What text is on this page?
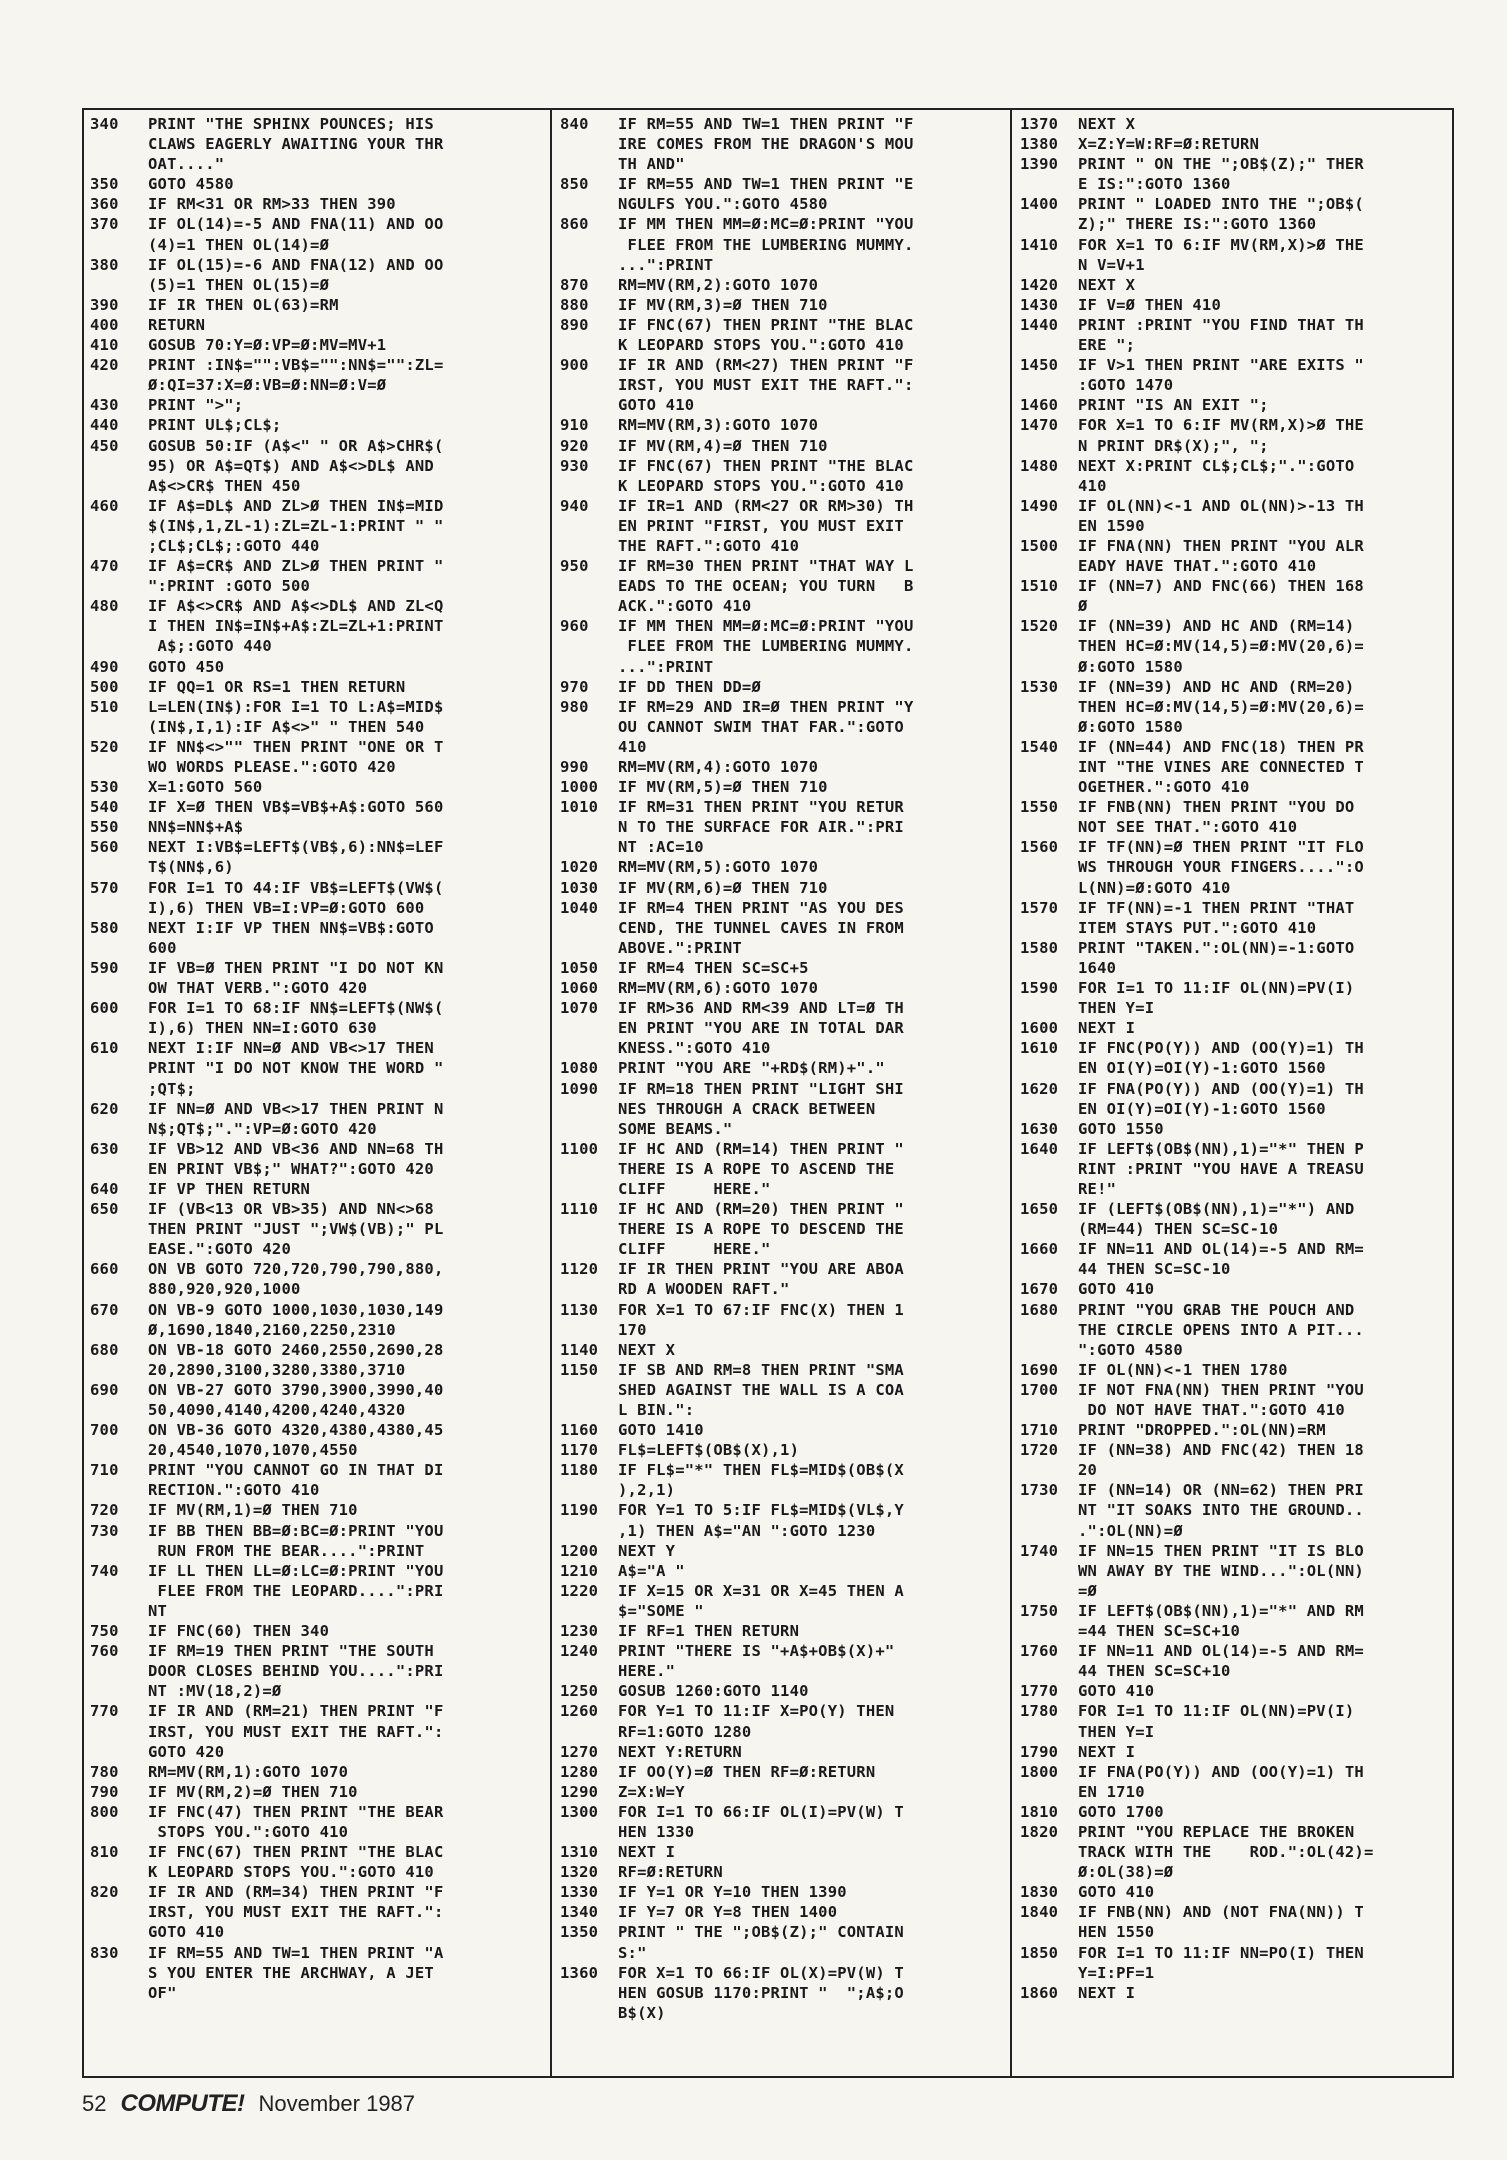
340	PRINT "THE SPHINX POUNCES; HIS
CLAWS EAGERLY AWAITING YOUR THR
OAT...."
350	GOTO 4580
360	IF RM<31 OR RM>33 THEN 390
370	IF OL(14)=-5 AND FNA(11) AND OO
(4)=1 THEN OL(14)=Ø
380	IF OL(15)=-6 AND FNA(12) AND OO
(5)=1 THEN OL(15)=Ø
390	IF IR THEN OL(63)=RM
400	RETURN
410	GOSUB 70:Y=Ø:VP=Ø:MV=MV+1
420	PRINT :IN$="":VB$="":NN$="":ZL=
Ø:QI=37:X=Ø:VB=Ø:NN=Ø:V=Ø
430	PRINT ">";
440	PRINT UL$;CL$;
450	GOSUB 50:IF (A$<" " OR A$>CHR$(
95) OR A$=QT$) AND A$<>DL$ AND
A$<>CR$ THEN 450
460	IF A$=DL$ AND ZL>Ø THEN IN$=MID
$(IN$,1,ZL-1):ZL=ZL-1:PRINT " "
;CL$;CL$;:GOTO 440
470	IF A$=CR$ AND ZL>Ø THEN PRINT "
":PRINT :GOTO 500
480	IF A$<>CR$ AND A$<>DL$ AND ZL<Q
I THEN IN$=IN$+A$:ZL=ZL+1:PRINT
A$;:GOTO 440
490	GOTO 450
500	IF QQ=1 OR RS=1 THEN RETURN
510	L=LEN(IN$):FOR I=1 TO L:A$=MID$
(IN$,I,1):IF A$<>" " THEN 540
520	IF NN$<>"" THEN PRINT "ONE OR T
WO WORDS PLEASE.":GOTO 420
530	X=1:GOTO 560
540	IF X=Ø THEN VB$=VB$+A$:GOTO 560
550	NN$=NN$+A$
560	NEXT I:VB$=LEFT$(VB$,6):NN$=LEF
T$(NN$,6)
570	FOR I=1 TO 44:IF VB$=LEFT$(VW$(
I),6) THEN VB=I:VP=Ø:GOTO 600
580	NEXT I:IF VP THEN NN$=VB$:GOTO
600
590	IF VB=Ø THEN PRINT "I DO NOT KN
OW THAT VERB.":GOTO 420
600	FOR I=1 TO 68:IF NN$=LEFT$(NW$(
I),6) THEN NN=I:GOTO 630
610	NEXT I:IF NN=Ø AND VB<>17 THEN
PRINT "I DO NOT KNOW THE WORD "
;QT$;
620	IF NN=Ø AND VB<>17 THEN PRINT N
N$;QT$;".":VP=Ø:GOTO 420
630	IF VB>12 AND VB<36 AND NN=68 TH
EN PRINT VB$;" WHAT?":GOTO 420
640	IF VP THEN RETURN
650	IF (VB<13 OR VB>35) AND NN<>68
THEN PRINT "JUST ";VW$(VB);" PL
EASE.":GOTO 420
660	ON VB GOTO 720,720,790,790,880,
880,920,920,1000
670	ON VB-9 GOTO 1000,1030,1030,149
Ø,1690,1840,2160,2250,2310
680	ON VB-18 GOTO 2460,2550,2690,28
20,2890,3100,3280,3380,3710
690	ON VB-27 GOTO 3790,3900,3990,40
50,4090,4140,4200,4240,4320
700	ON VB-36 GOTO 4320,4380,4380,45
20,4540,1070,1070,4550
710	PRINT "YOU CANNOT GO IN THAT DI
RECTION.":GOTO 410
720	IF MV(RM,1)=Ø THEN 710
730	IF BB THEN BB=Ø:BC=Ø:PRINT "YOU
RUN FROM THE BEAR....":PRINT
740	IF LL THEN LL=Ø:LC=Ø:PRINT "YOU
FLEE FROM THE LEOPARD....":PRI
NT
750	IF FNC(60) THEN 340
760	IF RM=19 THEN PRINT "THE SOUTH
DOOR CLOSES BEHIND YOU....":PRI
NT :MV(18,2)=Ø
770	IF IR AND (RM=21) THEN PRINT "F
IRST, YOU MUST EXIT THE RAFT.":
GOTO 420
780	RM=MV(RM,1):GOTO 1070
790	IF MV(RM,2)=Ø THEN 710
800	IF FNC(47) THEN PRINT "THE BEAR
STOPS YOU.":GOTO 410
810	IF FNC(67) THEN PRINT "THE BLAC
K LEOPARD STOPS YOU.":GOTO 410
820	IF IR AND (RM=34) THEN PRINT "F
IRST, YOU MUST EXIT THE RAFT.":
GOTO 410
830	IF RM=55 AND TW=1 THEN PRINT "A
S YOU ENTER THE ARCHWAY, A JET
OF"
840	IF RM=55 AND TW=1 THEN PRINT "F
IRE COMES FROM THE DRAGON'S MOU
TH AND"
850	IF RM=55 AND TW=1 THEN PRINT "E
NGULFS YOU.":GOTO 4580
860	IF MM THEN MM=Ø:MC=Ø:PRINT "YOU
FLEE FROM THE LUMBERING MUMMY.
...":PRINT
870	RM=MV(RM,2):GOTO 1070
880	IF MV(RM,3)=Ø THEN 710
890	IF FNC(67) THEN PRINT "THE BLAC
K LEOPARD STOPS YOU.":GOTO 410
900	IF IR AND (RM<27) THEN PRINT "F
IRST, YOU MUST EXIT THE RAFT.":
GOTO 410
910	RM=MV(RM,3):GOTO 1070
920	IF MV(RM,4)=Ø THEN 710
930	IF FNC(67) THEN PRINT "THE BLAC
K LEOPARD STOPS YOU.":GOTO 410
940	IF IR=1 AND (RM<27 OR RM>30) TH
EN PRINT "FIRST, YOU MUST EXIT
THE RAFT.":GOTO 410
950	IF RM=30 THEN PRINT "THAT WAY L
EADS TO THE OCEAN; YOU TURN   B
ACK.":GOTO 410
960	IF MM THEN MM=Ø:MC=Ø:PRINT "YOU
FLEE FROM THE LUMBERING MUMMY.
...":PRINT
970	IF DD THEN DD=Ø
980	IF RM=29 AND IR=Ø THEN PRINT "Y
OU CANNOT SWIM THAT FAR.":GOTO
410
990	RM=MV(RM,4):GOTO 1070
1000	IF MV(RM,5)=Ø THEN 710
1010	IF RM=31 THEN PRINT "YOU RETUR
N TO THE SURFACE FOR AIR.":PRI
NT :AC=10
1020	RM=MV(RM,5):GOTO 1070
1030	IF MV(RM,6)=Ø THEN 710
1040	IF RM=4 THEN PRINT "AS YOU DES
CEND, THE TUNNEL CAVES IN FROM
ABOVE.":PRINT
1050	IF RM=4 THEN SC=SC+5
1060	RM=MV(RM,6):GOTO 1070
1070	IF RM>36 AND RM<39 AND LT=Ø TH
EN PRINT "YOU ARE IN TOTAL DAR
KNESS.":GOTO 410
1080	PRINT "YOU ARE "+RD$(RM)+"."
1090	IF RM=18 THEN PRINT "LIGHT SHI
NES THROUGH A CRACK BETWEEN
SOME BEAMS."
1100	IF HC AND (RM=14) THEN PRINT "
THERE IS A ROPE TO ASCEND THE
CLIFF     HERE."
1110	IF HC AND (RM=20) THEN PRINT "
THERE IS A ROPE TO DESCEND THE
CLIFF     HERE."
1120	IF IR THEN PRINT "YOU ARE ABOA
RD A WOODEN RAFT."
1130	FOR X=1 TO 67:IF FNC(X) THEN 1
170
1140	NEXT X
1150	IF SB AND RM=8 THEN PRINT "SMA
SHED AGAINST THE WALL IS A COA
L BIN.":
1160	GOTO 1410
1170	FL$=LEFT$(OB$(X),1)
1180	IF FL$="*" THEN FL$=MID$(OB$(X
),2,1)
1190	FOR Y=1 TO 5:IF FL$=MID$(VL$,Y
,1) THEN A$="AN ":GOTO 1230
1200	NEXT Y
1210	A$="A "
1220	IF X=15 OR X=31 OR X=45 THEN A
$="SOME "
1230	IF RF=1 THEN RETURN
1240	PRINT "THERE IS "+A$+OB$(X)+"
HERE."
1250	GOSUB 1260:GOTO 1140
1260	FOR Y=1 TO 11:IF X=PO(Y) THEN
RF=1:GOTO 1280
1270	NEXT Y:RETURN
1280	IF OO(Y)=Ø THEN RF=Ø:RETURN
1290	Z=X:W=Y
1300	FOR I=1 TO 66:IF OL(I)=PV(W) T
HEN 1330
1310	NEXT I
1320	RF=Ø:RETURN
1330	IF Y=1 OR Y=10 THEN 1390
1340	IF Y=7 OR Y=8 THEN 1400
1350	PRINT " THE ";OB$(Z);" CONTAIN
S:"
1360	FOR X=1 TO 66:IF OL(X)=PV(W) T
HEN GOSUB 1170:PRINT "  ";A$;O
B$(X)
1370	NEXT X
1380	X=Z:Y=W:RF=Ø:RETURN
1390	PRINT " ON THE ";OB$(Z);" THER
E IS:":GOTO 1360
1400	PRINT " LOADED INTO THE ";OB$(
Z);" THERE IS:":GOTO 1360
1410	FOR X=1 TO 6:IF MV(RM,X)>Ø THE
N V=V+1
1420	NEXT X
1430	IF V=Ø THEN 410
1440	PRINT :PRINT "YOU FIND THAT TH
ERE ";
1450	IF V>1 THEN PRINT "ARE EXITS "
:GOTO 1470
1460	PRINT "IS AN EXIT ";
1470	FOR X=1 TO 6:IF MV(RM,X)>Ø THE
N PRINT DR$(X);", ";
1480	NEXT X:PRINT CL$;CL$;".":GOTO
410
1490	IF OL(NN)<-1 AND OL(NN)>-13 TH
EN 1590
1500	IF FNA(NN) THEN PRINT "YOU ALR
EADY HAVE THAT.":GOTO 410
1510	IF (NN=7) AND FNC(66) THEN 168
Ø
1520	IF (NN=39) AND HC AND (RM=14)
THEN HC=Ø:MV(14,5)=Ø:MV(20,6)=
Ø:GOTO 1580
1530	IF (NN=39) AND HC AND (RM=20)
THEN HC=Ø:MV(14,5)=Ø:MV(20,6)=
Ø:GOTO 1580
1540	IF (NN=44) AND FNC(18) THEN PR
INT "THE VINES ARE CONNECTED T
OGETHER.":GOTO 410
1550	IF FNB(NN) THEN PRINT "YOU DO
NOT SEE THAT.":GOTO 410
1560	IF TF(NN)=Ø THEN PRINT "IT FLO
WS THROUGH YOUR FINGERS....":O
L(NN)=Ø:GOTO 410
1570	IF TF(NN)=-1 THEN PRINT "THAT
ITEM STAYS PUT.":GOTO 410
1580	PRINT "TAKEN.":OL(NN)=-1:GOTO
1640
1590	FOR I=1 TO 11:IF OL(NN)=PV(I)
THEN Y=I
1600	NEXT I
1610	IF FNC(PO(Y)) AND (OO(Y)=1) TH
EN OI(Y)=OI(Y)-1:GOTO 1560
1620	IF FNA(PO(Y)) AND (OO(Y)=1) TH
EN OI(Y)=OI(Y)-1:GOTO 1560
1630	GOTO 1550
1640	IF LEFT$(OB$(NN),1)="*" THEN P
RINT :PRINT "YOU HAVE A TREASU
RE!"
1650	IF (LEFT$(OB$(NN),1)="*") AND
(RM=44) THEN SC=SC-10
1660	IF NN=11 AND OL(14)=-5 AND RM=
44 THEN SC=SC-10
1670	GOTO 410
1680	PRINT "YOU GRAB THE POUCH AND
THE CIRCLE OPENS INTO A PIT...
":GOTO 4580
1690	IF OL(NN)<-1 THEN 1780
1700	IF NOT FNA(NN) THEN PRINT "YOU
DO NOT HAVE THAT.":GOTO 410
1710	PRINT "DROPPED.":OL(NN)=RM
1720	IF (NN=38) AND FNC(42) THEN 18
20
1730	IF (NN=14) OR (NN=62) THEN PRI
NT "IT SOAKS INTO THE GROUND..
.":OL(NN)=Ø
1740	IF NN=15 THEN PRINT "IT IS BLO
WN AWAY BY THE WIND...":OL(NN)
=Ø
1750	IF LEFT$(OB$(NN),1)="*" AND RM
=44 THEN SC=SC+10
1760	IF NN=11 AND OL(14)=-5 AND RM=
44 THEN SC=SC+10
1770	GOTO 410
1780	FOR I=1 TO 11:IF OL(NN)=PV(I)
THEN Y=I
1790	NEXT I
1800	IF FNA(PO(Y)) AND (OO(Y)=1) TH
EN 1710
1810	GOTO 1700
1820	PRINT "YOU REPLACE THE BROKEN
TRACK WITH THE    ROD.":OL(42)=
Ø:OL(38)=Ø
1830	GOTO 410
1840	IF FNB(NN) AND (NOT FNA(NN)) T
HEN 1550
1850	FOR I=1 TO 11:IF NN=PO(I) THEN
Y=I:PF=1
1860	NEXT I
52 COMPUTE! November 1987
